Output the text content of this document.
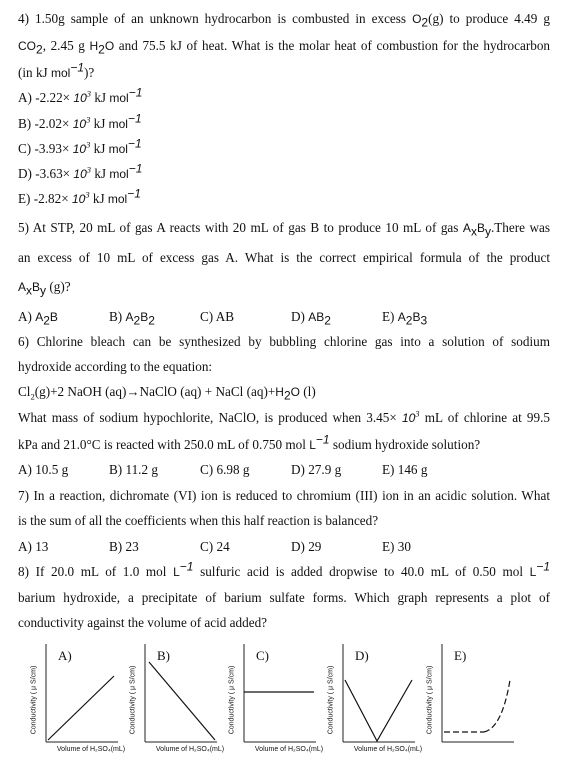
4) 1.50g sample of an unknown hydrocarbon is combusted in excess $O_2(g)$ to produce 4.49 g
$CO_2$, 2.45 g $H_2O$ and 75.5 kJ of heat. What is the molar heat of combustion for the hydrocarbon
(in kJ mol$^{-1}$)?
A) $-2.22\times 10^3$ kJ mol$^{-1}$
B) $-2.02\times 10^3$ kJ mol$^{-1}$
C) $-3.93\times 10^3$ kJ mol$^{-1}$
D) $-3.63\times 10^3$ kJ mol$^{-1}$
E) $-2.82\times 10^3$ kJ mol$^{-1}$
5) At STP, 20 mL of gas A reacts with 20 mL of gas B to produce 10 mL of gas $A_xB_y.There$ was
an excess of 10 mL of excess gas A. What is the correct empirical formula of the product
$A_xB_y$ (g)?
A) $A_2B$	B) $A_2B_2$	C) AB	D) $AB_2$	E) $A_2B_3$
6) Chlorine bleach can be synthesized by bubbling chlorine gas into a solution of sodium
hydroxide according to the equation:
$Cl_2(g)+2$ NaOH (aq)→NaClO (aq) + NaCl $(aq)+H_2O$ (l)
What mass of sodium hypochlorite, NaClO, is produced when $3.45\times 10^3$ mL of chlorine at 99.5
kPa and 21.0°C is reacted with 250.0 mL of 0.750 mol $L^{-1}$ sodium hydroxide solution?
A) 10.5 g	B) 11.2 g	C) 6.98 g	D) 27.9 g	E) 146 g
7) In a reaction, dichromate (VI) ion is reduced to chromium (III) ion in an acidic solution. What
is the sum of all the coefficients when this half reaction is balanced?
A) 13	B) 23	C) 24	D) 29	E) 30
8) If 20.0 mL of 1.0 mol $L^{-1}$ sulfuric acid is added dropwise to 40.0 mL of 0.50 mol $L^{-1}$
barium hydroxide, a precipitate of barium sulfate forms. Which graph represents a plot of
conductivity against the volume of acid added?
Conductivity ( μ S/cm)
A)
Volume of H₂SO₄(mL)
Conductivity ( μ S/cm)
B)
Volume of H₂SO₄(mL)
Conductivity ( μ S/cm)
C)
Volume of H₂SO₄(mL)
Conductivity ( μ S/cm)
D)
Volume of H₂SO₄(mL)
Conductivity ( μ S/cm)
E)
